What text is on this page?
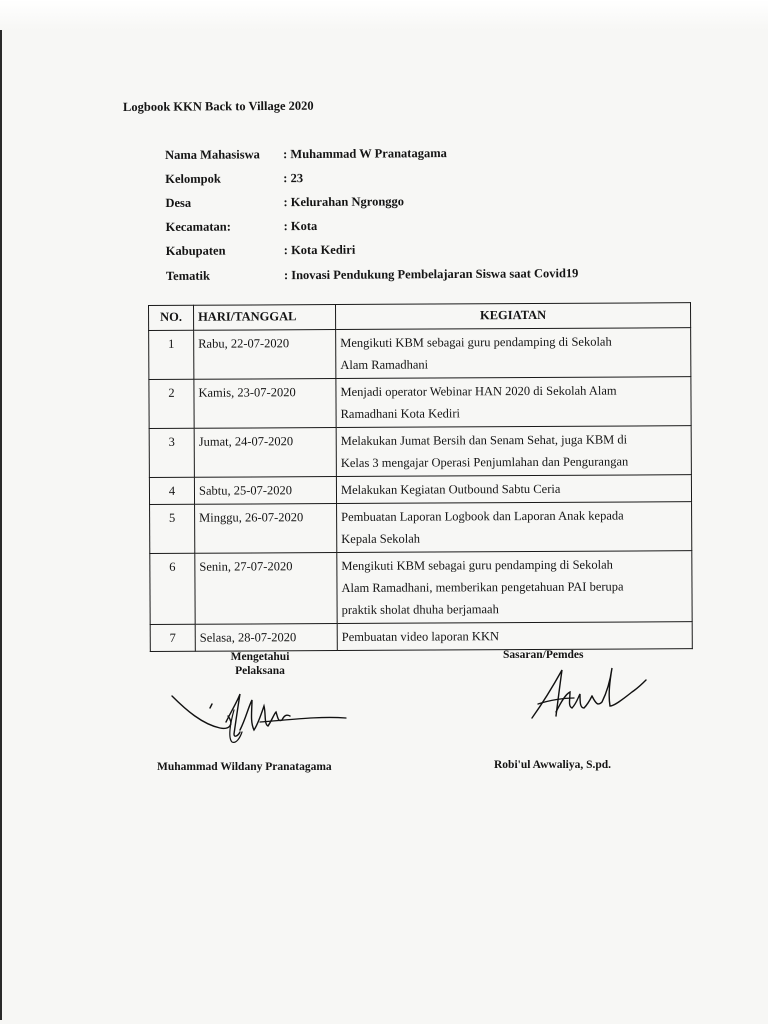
Logbook KKN Back to Village 2020
Nama Mahasiswa	: Muhammad W Pranatagama
Kelompok	: 23
Desa	: Kelurahan Ngronggo
Kecamatan:	: Kota
Kabupaten	: Kota Kediri
Tematik	: Inovasi Pendukung Pembelajaran Siswa saat Covid19
NO.	HARI/TANGGAL	KEGIATAN
1	Rabu, 22-07-2020	Mengikuti KBM sebagai guru pendamping di Sekolah
Alam Ramadhani

2	Kamis, 23-07-2020	Menjadi operator Webinar HAN 2020 di Sekolah Alam
Ramadhani Kota Kediri

3	Jumat, 24-07-2020	Melakukan Jumat Bersih dan Senam Sehat, juga KBM di
Kelas 3 mengajar Operasi Penjumlahan dan Pengurangan

4	Sabtu, 25-07-2020	Melakukan Kegiatan Outbound Sabtu Ceria

5	Minggu, 26-07-2020	Pembuatan Laporan Logbook dan Laporan Anak kepada
Kepala Sekolah

6	Senin, 27-07-2020	Mengikuti KBM sebagai guru pendamping di Sekolah
Alam Ramadhani, memberikan pengetahuan PAI berupa
praktik sholat dhuha berjamaah

7	Selasa, 28-07-2020	Pembuatan video laporan KKN
Mengetahui
Pelaksana
Sasaran/Pemdes
Muhammad Wildany Pranatagama	Robi'ul Awwaliya, S.pd.
